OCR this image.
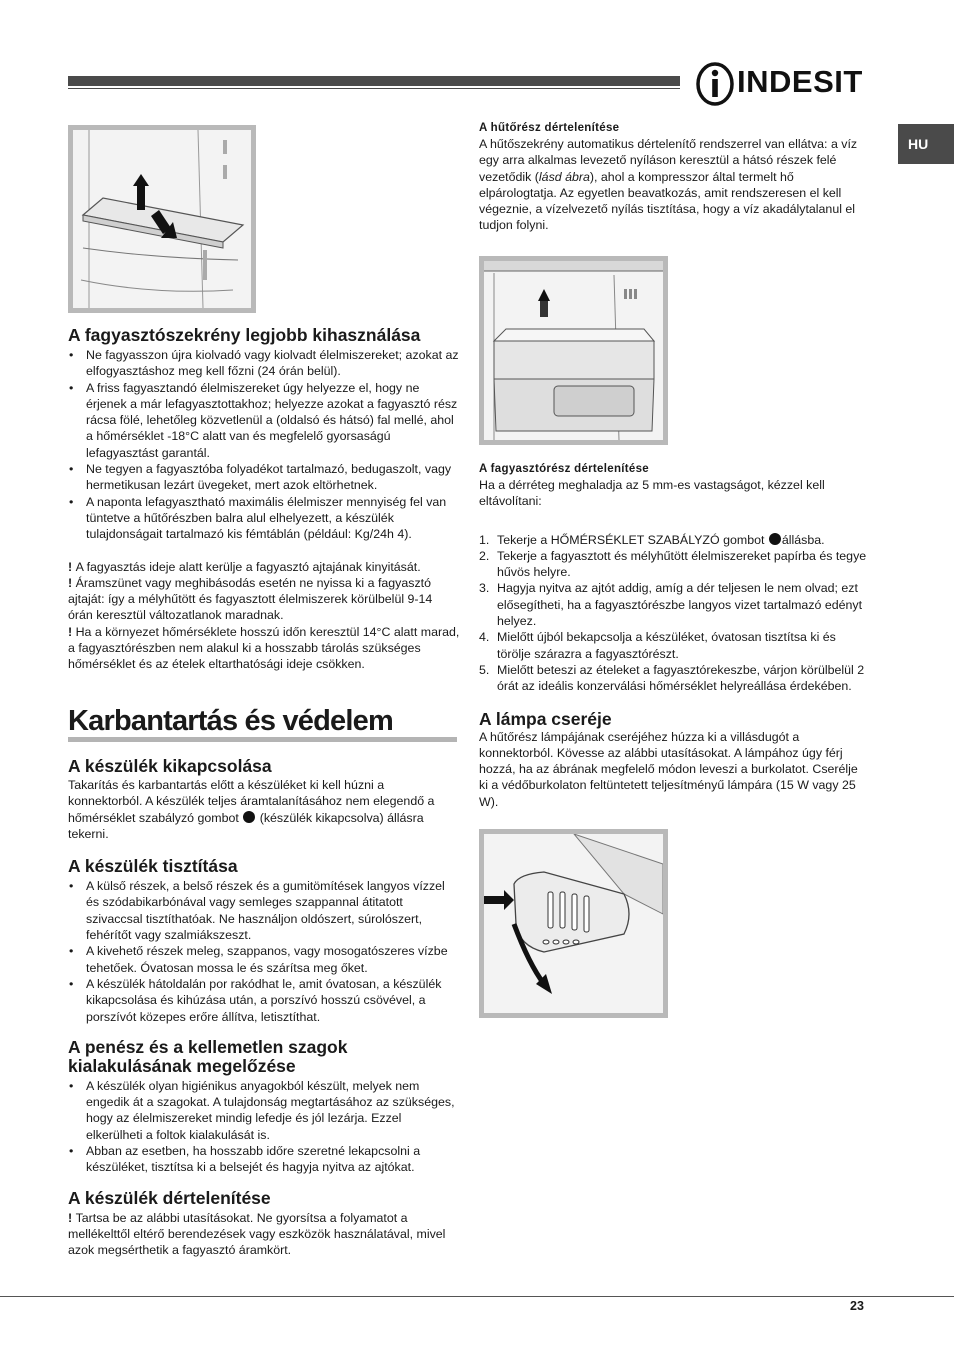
INDESIT
HU
A fagyasztószekrény legjobb kihasználása
• Ne fagyasszon újra kiolvadó vagy kiolvadt élelmiszereket; azokat az elfogyasztáshoz meg kell főzni (24 órán belül).
• A friss fagyasztandó élelmiszereket úgy helyezze el, hogy ne érjenek a már lefagyasztottakhoz; helyezze azokat a fagyasztó rész rácsa fölé, lehetőleg közvetlenül a (oldalsó és hátsó) fal mellé, ahol a hőmérséklet -18°C alatt van és megfelelő gyorsaságú lefagyasztást garantál.
• Ne tegyen a fagyasztóba folyadékot tartalmazó, bedugaszolt, vagy hermetikusan lezárt üvegeket, mert azok eltörhetnek.
• A naponta lefagyasztható maximális élelmiszer mennyiség fel van tüntetve a hűtőrészben balra alul elhelyezett, a készülék tulajdonságait tartalmazó kis fémtáblán (például: Kg/24h 4).

! A fagyasztás ideje alatt kerülje a fagyasztó ajtajának kinyitását.

! Áramszünet vagy meghibásodás esetén ne nyissa ki a fagyasztó ajtaját: így a mélyhűtött és fagyasztott élelmiszerek körülbelül 9-14 órán keresztül változatlanok maradnak.

! Ha a környezet hőmérséklete hosszú időn keresztül 14°C alatt marad, a fagyasztórészben nem alakul ki a hosszabb tárolás szükséges hőmérséklet és az ételek eltarthatósági ideje csökken.

Karbantartás és védelem
A készülék kikapcsolása

Takarítás és karbantartás előtt a készüléket ki kell húzni a konnektorból. A készülék teljes áramtalanításához nem elegendő a hőmérséklet szabályzó gombot (készülék kikapcsolva) állásra tekerni.

A készülék tisztítása
• A külső részek, a belső részek és a gumitömítések langyos vízzel és szódabikarbónával vagy semleges szappannal átitatott szivaccsal tisztíthatóak. Ne használjon oldószert, súrolószert, fehérítőt vagy szalmiákszeszt.
• A kivehető részek meleg, szappanos, vagy mosogatószeres vízbe tehetőek. Óvatosan mossa le és szárítsa meg őket.
• A készülék hátoldalán por rakódhat le, amit óvatosan, a készülék kikapcsolása és kihúzása után, a porszívó hosszú csövével, a porszívót közepes erőre állítva, letisztíthat.
A penész és a kellemetlen szagok kialakulásának megelőzése
• A készülék olyan higiénikus anyagokból készült, melyek nem engedik át a szagokat. A tulajdonság megtartásához az szükséges, hogy az élelmiszereket mindig lefedje és jól lezárja. Ezzel elkerülheti a foltok kialakulását is.
• Abban az esetben, ha hosszabb időre szeretné lekapcsolni a készüléket, tisztítsa ki a belsejét és hagyja nyitva az ajtókat.
A készülék dértelenítése

! Tartsa be az alábbi utasításokat. Ne gyorsítsa a folyamatot a mellékelttől eltérő berendezések vagy eszközök használatával, mivel azok megsérthetik a fagyasztó áramkört.

A hűtőrész dértelenítése

A hűtőszekrény automatikus dértelenítő rendszerrel van ellátva: a víz egy arra alkalmas levezető nyíláson keresztül a hátsó részek felé vezetődik (lásd ábra), ahol a kompresszor által termelt hő elpárologtatja. Az egyetlen beavatkozás, amit rendszeresen el kell végeznie, a vízelvezető nyílás tisztítása, hogy a víz akadálytalanul el tudjon folyni.

A fagyasztórész dértelenítése

Ha a dérréteg meghaladja az 5 mm-es vastagságot, kézzel kell eltávolítani:

1. Tekerje a HŐMÉRSÉKLET SZABÁLYZÓ gombot állásba.
2. Tekerje a fagyasztott és mélyhűtött élelmiszereket papírba és tegye hűvös helyre.
3. Hagyja nyitva az ajtót addig, amíg a dér teljesen le nem olvad; ezt elősegítheti, ha a fagyasztórészbe langyos vizet tartalmazó edényt helyez.
4. Mielőtt újból bekapcsolja a készüléket, óvatosan tisztítsa ki és törölje szárazra a fagyasztórészt.
5. Mielőtt beteszi az ételeket a fagyasztórekeszbe, várjon körülbelül 2 órát az ideális konzerválási hőmérséklet helyreállása érdekében.
A lámpa cseréje

A hűtőrész lámpájának cseréjéhez húzza ki a villásdugót a konnektorból. Kövesse az alábbi utasításokat. A lámpához úgy férj hozzá, ha az ábrának megfelelő módon leveszi a burkolatot. Cserélje ki a védőburkolaton feltüntetett teljesítményű lámpára (15 W vagy 25 W).

23
